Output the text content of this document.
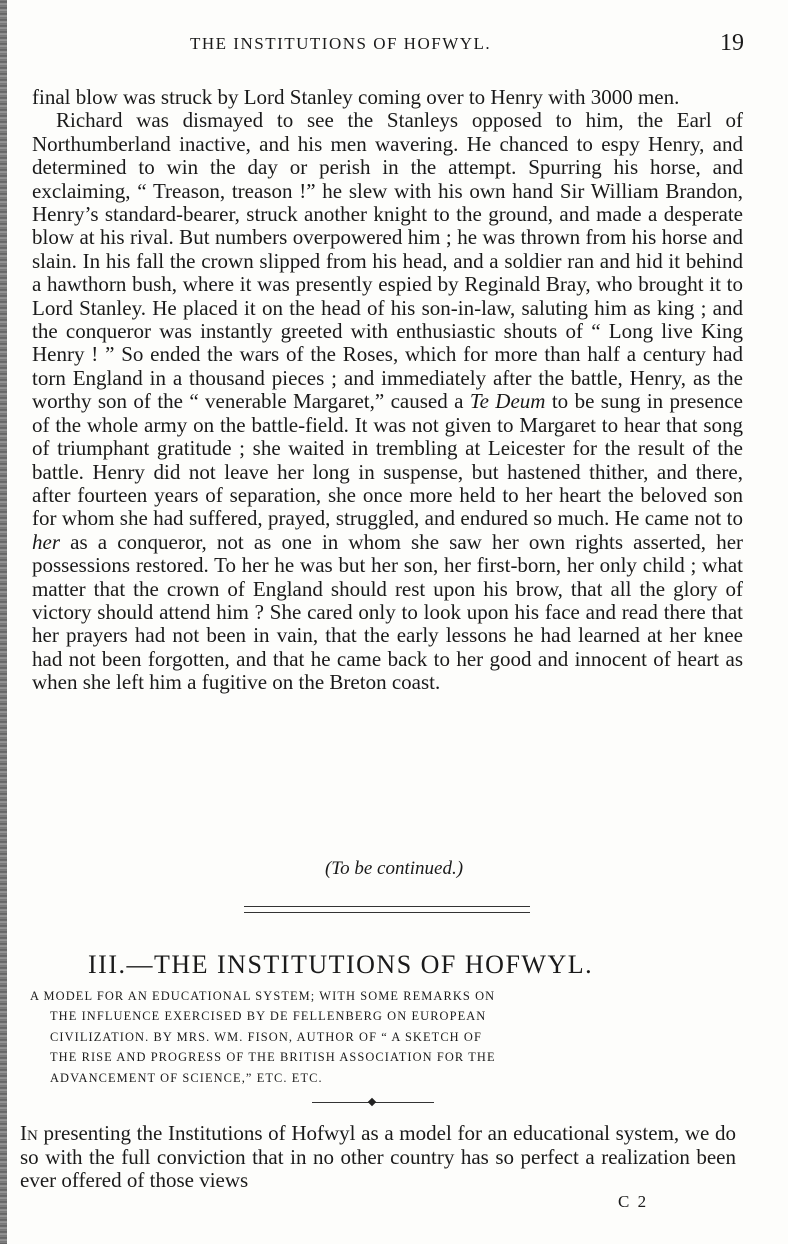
THE INSTITUTIONS OF HOFWYL.	19

final blow was struck by Lord Stanley coming over to Henry with 3000 men.

Richard was dismayed to see the Stanleys opposed to him, the Earl of Northumberland inactive, and his men wavering. He chanced to espy Henry, and determined to win the day or perish in the attempt. Spurring his horse, and exclaiming, “ Treason, treason !” he slew with his own hand Sir William Brandon, Henry’s standard-bearer, struck another knight to the ground, and made a desperate blow at his rival. But numbers overpowered him ; he was thrown from his horse and slain. In his fall the crown slipped from his head, and a soldier ran and hid it behind a hawthorn bush, where it was presently espied by Reginald Bray, who brought it to Lord Stanley. He placed it on the head of his son-in-law, saluting him as king ; and the conqueror was instantly greeted with enthusiastic shouts of “ Long live King Henry ! ” So ended the wars of the Roses, which for more than half a century had torn England in a thousand pieces ; and immediately after the battle, Henry, as the worthy son of the “ venerable Margaret,” caused a Te Deum to be sung in presence of the whole army on the battle-field. It was not given to Margaret to hear that song of triumphant gratitude ; she waited in trembling at Leicester for the result of the battle. Henry did not leave her long in suspense, but hastened thither, and there, after fourteen years of separation, she once more held to her heart the beloved son for whom she had suffered, prayed, struggled, and endured so much. He came not to her as a conqueror, not as one in whom she saw her own rights asserted, her possessions restored. To her he was but her son, her first-born, her only child ; what matter that the crown of England should rest upon his brow, that all the glory of victory should attend him ? She cared only to look upon his face and read there that her prayers had not been in vain, that the early lessons he had learned at her knee had not been forgotten, and that he came back to her good and innocent of heart as when she left him a fugitive on the Breton coast.

(To be continued.)
III.—THE INSTITUTIONS OF HOFWYL.
A MODEL FOR AN EDUCATIONAL SYSTEM; WITH SOME REMARKS ON
THE INFLUENCE EXERCISED BY DE FELLENBERG ON EUROPEAN
CIVILIZATION. BY MRS. WM. FISON, AUTHOR OF “ A SKETCH OF
THE RISE AND PROGRESS OF THE BRITISH ASSOCIATION FOR THE
ADVANCEMENT OF SCIENCE,” ETC. ETC.

In presenting the Institutions of Hofwyl as a model for an educational system, we do so with the full conviction that in no other country has so perfect a realization been ever offered of those views

C 2
